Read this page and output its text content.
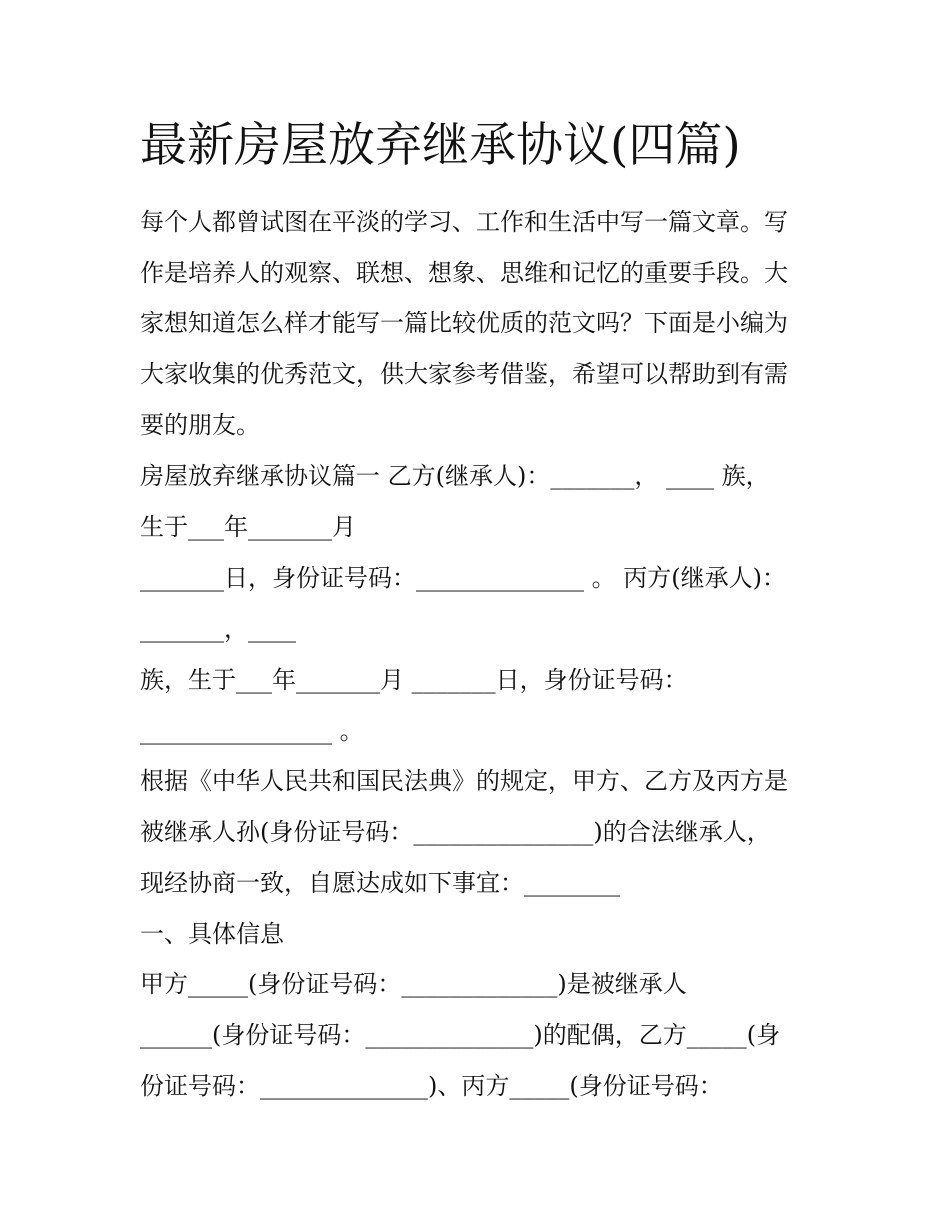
最新房屋放弃继承协议(四篇)
每个人都曾试图在平淡的学习、工作和生活中写一篇文章。写
作是培养人的观察、联想、想象、思维和记忆的重要手段。大
家想知道怎么样才能写一篇比较优质的范文吗？下面是小编为
大家收集的优秀范文，供大家参考借鉴，希望可以帮助到有需
要的朋友。
房屋放弃继承协议篇一 乙方(继承人)：_______， ____ 族，
生于___年_______月
_______日，身份证号码：______________ 。 丙方(继承人)：
_______，____
族，生于___年_______月 _______日，身份证号码：
________________ 。
根据《中华人民共和国民法典》的规定，甲方、乙方及丙方是
被继承人孙(身份证号码：_______________)的合法继承人，
现经协商一致，自愿达成如下事宜：________
一、具体信息
甲方_____(身份证号码：_____________)是被继承人
______(身份证号码：______________)的配偶，乙方_____(身
份证号码：______________)、丙方_____(身份证号码：
